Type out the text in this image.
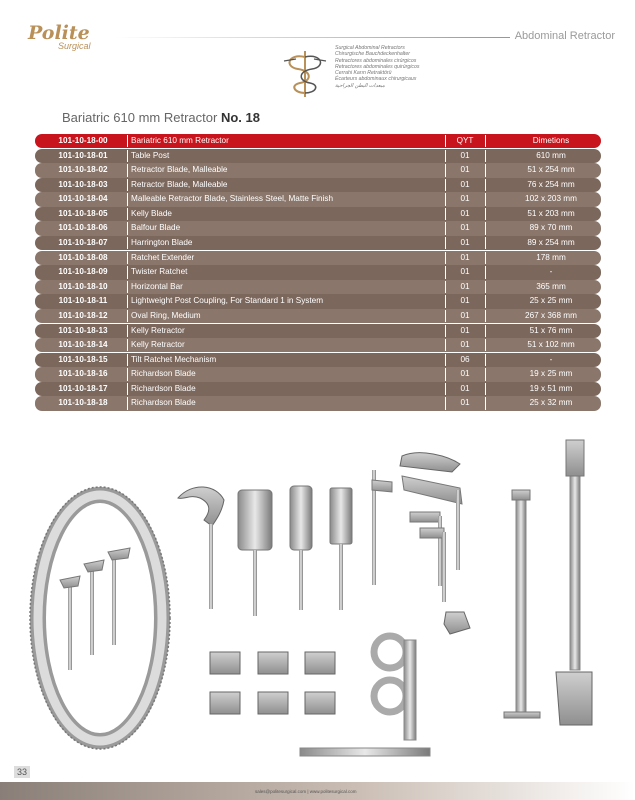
Polite
Surgical
Abdominal Retractor
Surgical Abdominal Retractors
Chirurgische Bauchdeckenhalter
Retractores abdominales cirúrgicos
Retractores abdominales quirúrgicos
Cerrahi Karın Retraktörü
Écarteurs abdominaux chirurgicaux
مبعدات البطن الجراحية
Bariatric 610 mm Retractor No. 18
101-10-18-00	Bariatric 610 mm Retractor	QYT	Dimetions
101-10-18-01	Table Post	01	610 mm
101-10-18-02	Retractor Blade, Malleable	01	51 x 254 mm
101-10-18-03	Retractor Blade, Malleable	01	76 x 254 mm
101-10-18-04	Malleable Retractor Blade, Stainless Steel, Matte Finish	01	102 x 203 mm
101-10-18-05	Kelly Blade	01	51 x 203 mm
101-10-18-06	Balfour Blade	01	89 x 70 mm
101-10-18-07	Harrington Blade	01	89 x 254 mm
101-10-18-08	Ratchet Extender	01	178 mm
101-10-18-09	Twister Ratchet	01	-
101-10-18-10	Horizontal Bar	01	365 mm
101-10-18-11	Lightweight Post Coupling, For Standard 1 in System	01	25 x 25 mm
101-10-18-12	Oval Ring, Medium	01	267 x 368 mm
101-10-18-13	Kelly Retractor	01	51 x 76 mm
101-10-18-14	Kelly Retractor	01	51 x 102 mm
101-10-18-15	Tilt Ratchet Mechanism	06	-
101-10-18-16	Richardson Blade	01	19 x 25 mm
101-10-18-17	Richardson Blade	01	19 x 51 mm
101-10-18-18	Richardson Blade	01	25 x 32 mm
33
sales@politesurgical.com | www.politesurgical.com
